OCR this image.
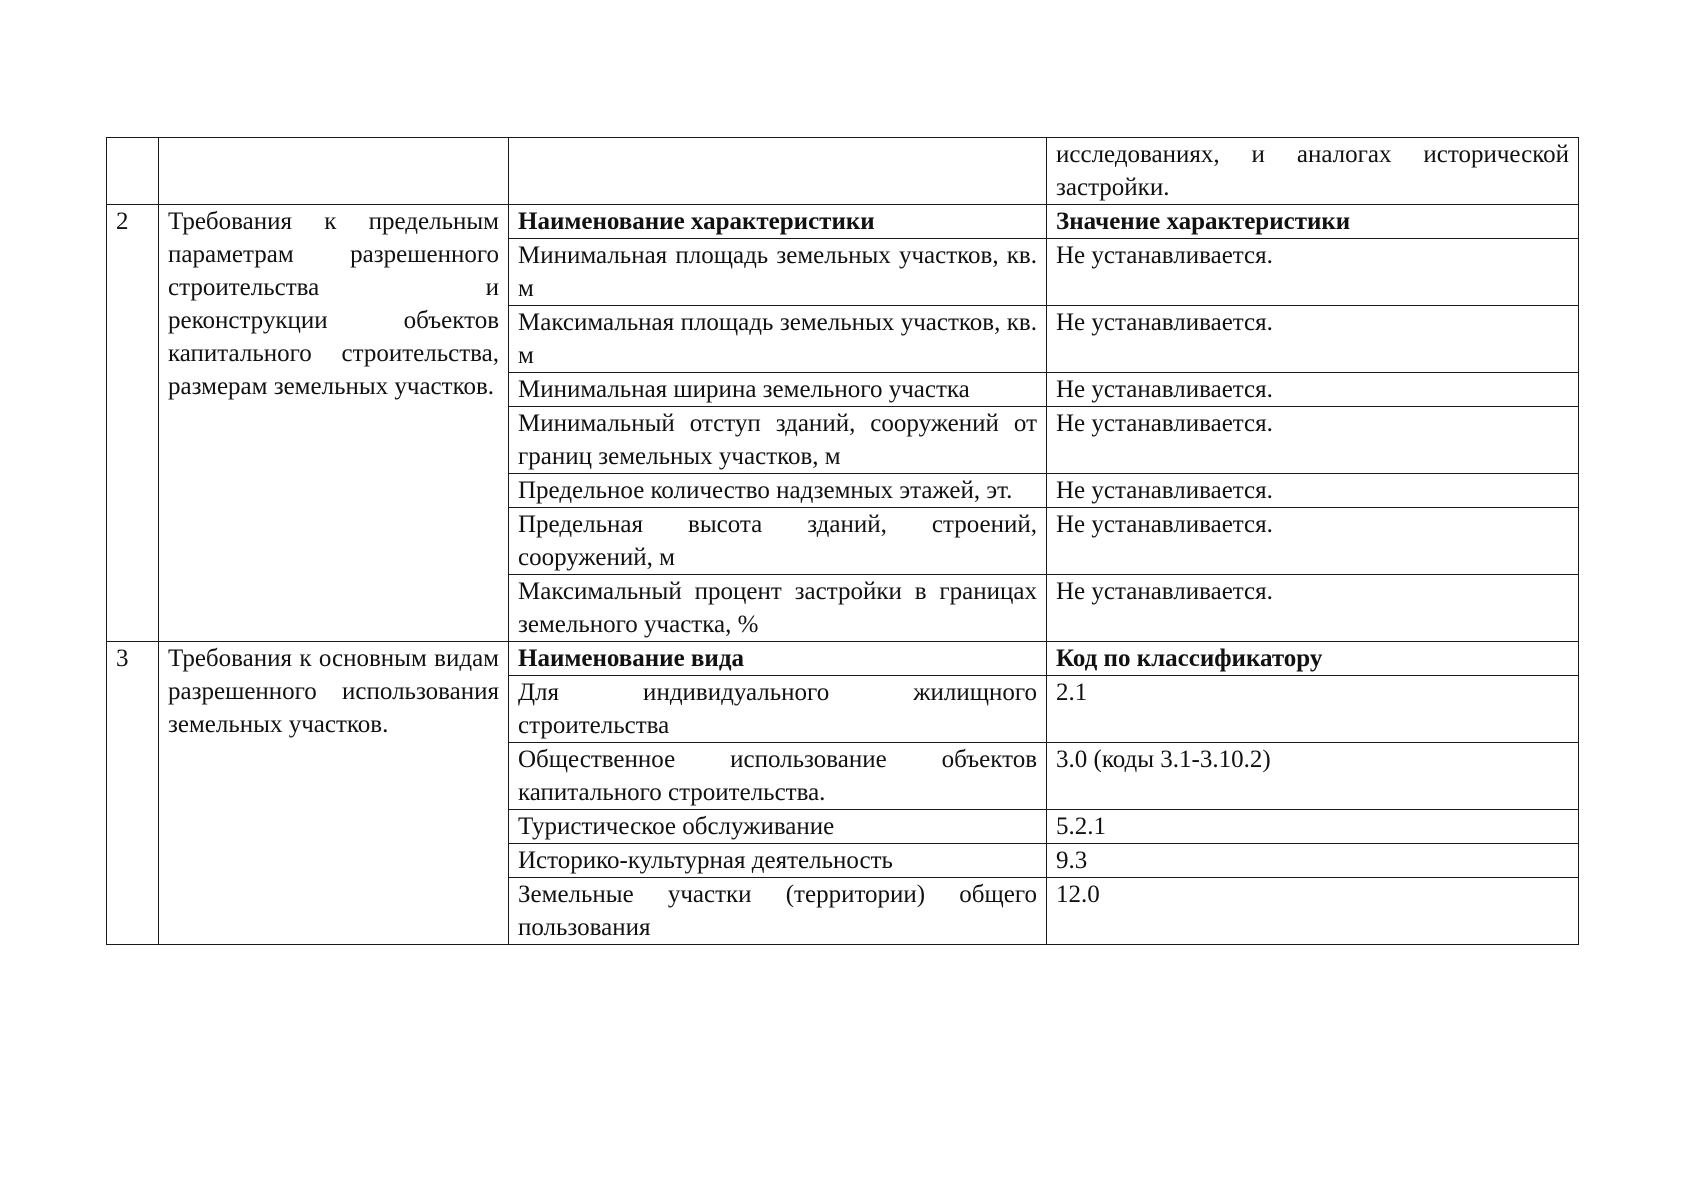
			исследованиях, и аналогах исторической застройки.
2	Требования к предельным параметрам разрешенного строительства и реконструкции объектов капитального строительства, размерам земельных участков.	Наименование характеристики	Значение характеристики
		Минимальная площадь земельных участков, кв. м	Не устанавливается.
		Максимальная площадь земельных участков, кв. м	Не устанавливается.
		Минимальная ширина земельного участка	Не устанавливается.
		Минимальный отступ зданий, сооружений от границ земельных участков, м	Не устанавливается.
		Предельное количество надземных этажей, эт.	Не устанавливается.
		Предельная высота зданий, строений, сооружений, м	Не устанавливается.
		Максимальный процент застройки в границах земельного участка, %	Не устанавливается.
3	Требования к основным видам разрешенного использования земельных участков.	Наименование вида	Код по классификатору
		Для индивидуального жилищного строительства	2.1
		Общественное использование объектов капитального строительства.	3.0 (коды 3.1-3.10.2)
		Туристическое обслуживание	5.2.1
		Историко-культурная деятельность	9.3
		Земельные участки (территории) общего пользования	12.0
